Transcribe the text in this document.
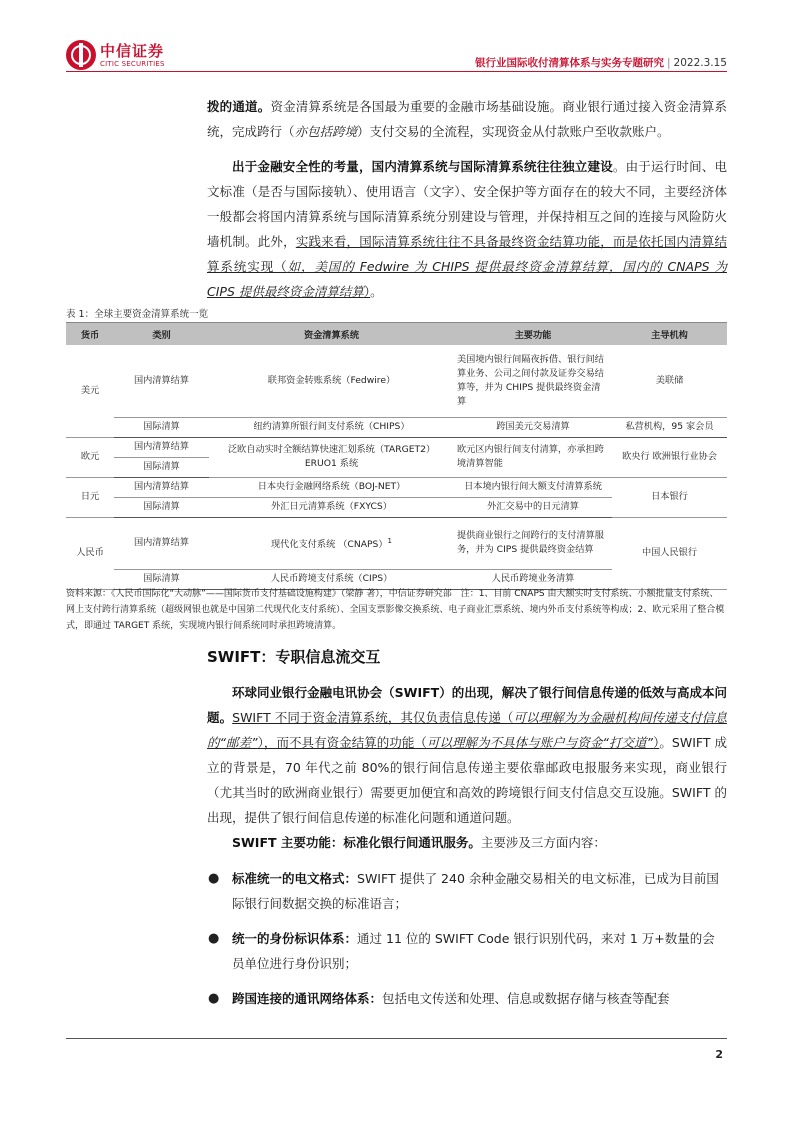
中信证券
CITIC SECURITIES	银行业国际收付清算体系与实务专题研究 | 2022.3.15
拨的通道。资金清算系统是各国最为重要的金融市场基础设施。商业银行通过接入资金清算系统，完成跨行（亦包括跨境）支付交易的全流程，实现资金从付款账户至收款账户。
出于金融安全性的考量，国内清算系统与国际清算系统往往独立建设。由于运行时间、电文标准（是否与国际接轨）、使用语言（文字）、安全保护等方面存在的较大不同，主要经济体一般都会将国内清算系统与国际清算系统分别建设与管理，并保持相互之间的连接与风险防火墙机制。此外，实践来看，国际清算系统往往不具备最终资金结算功能，而是依托国内清算结算系统实现（如，美国的 Fedwire 为 CHIPS 提供最终资金清算结算，国内的 CNAPS 为 CIPS 提供最终资金清算结算）。
表 1：全球主要资金清算系统一览
货币	类别	资金清算系统	主要功能	主导机构
美元	国内清算结算	联邦资金转账系统（Fedwire）	美国境内银行间隔夜拆借、银行间结算业务、公司之间付款及证券交易结算等，并为 CHIPS 提供最终资金清算	美联储
	国际清算	纽约清算所银行间支付系统（CHIPS）	跨国美元交易清算	私营机构，95 家会员
欧元	国内清算结算	泛欧自动实时全额结算快速汇划系统（TARGET2）ERUO1 系统	欧元区内银行间支付清算，亦承担跨境清算智能	欧央行 欧洲银行业协会
	国际清算			
日元	国内清算结算	日本央行金融网络系统（BOJ-NET）	日本境内银行间大额支付清算系统	日本银行
	国际清算	外汇日元清算系统（FXYCS）	外汇交易中的日元清算	
人民币	国内清算结算	现代化支付系统 （CNAPS）$^1$	提供商业银行之间跨行的支付清算服务，并为 CIPS 提供最终资金结算	中国人民银行
	国际清算	人民币跨境支付系统（CIPS）	人民币跨境业务清算	
资料来源：《人民币国际化“大动脉”——国际货币支付基础设施构建》（梁静 著），中信证券研究部　注：1、目前 CNAPS 由大额实时支付系统、小额批量支付系统、网上支付跨行清算系统（超级网银也就是中国第二代现代化支付系统）、全国支票影像交换系统、电子商业汇票系统、境内外币支付系统等构成；2、欧元采用了整合模式，即通过 TARGET 系统，实现境内银行间系统同时承担跨境清算。
SWIFT：专职信息流交互
环球同业银行金融电讯协会（SWIFT）的出现，解决了银行间信息传递的低效与高成本问题。SWIFT 不同于资金清算系统，其仅负责信息传递（可以理解为为金融机构间传递支付信息的“邮差”），而不具有资金结算的功能（可以理解为不具体与账户与资金“打交道”）。SWIFT 成立的背景是，70 年代之前 80%的银行间信息传递主要依靠邮政电报服务来实现，商业银行（尤其当时的欧洲商业银行）需要更加便宜和高效的跨境银行间支付信息交互设施。SWIFT 的出现，提供了银行间信息传递的标准化问题和通道问题。
SWIFT 主要功能：标准化银行间通讯服务。主要涉及三方面内容：
● 标准统一的电文格式：SWIFT 提供了 240 余种金融交易相关的电文标准，已成为目前国际银行间数据交换的标准语言；
● 统一的身份标识体系：通过 11 位的 SWIFT Code 银行识别代码，来对 1 万+数量的会员单位进行身份识别；
● 跨国连接的通讯网络体系：包括电文传送和处理、信息或数据存储与核查等配套
2
